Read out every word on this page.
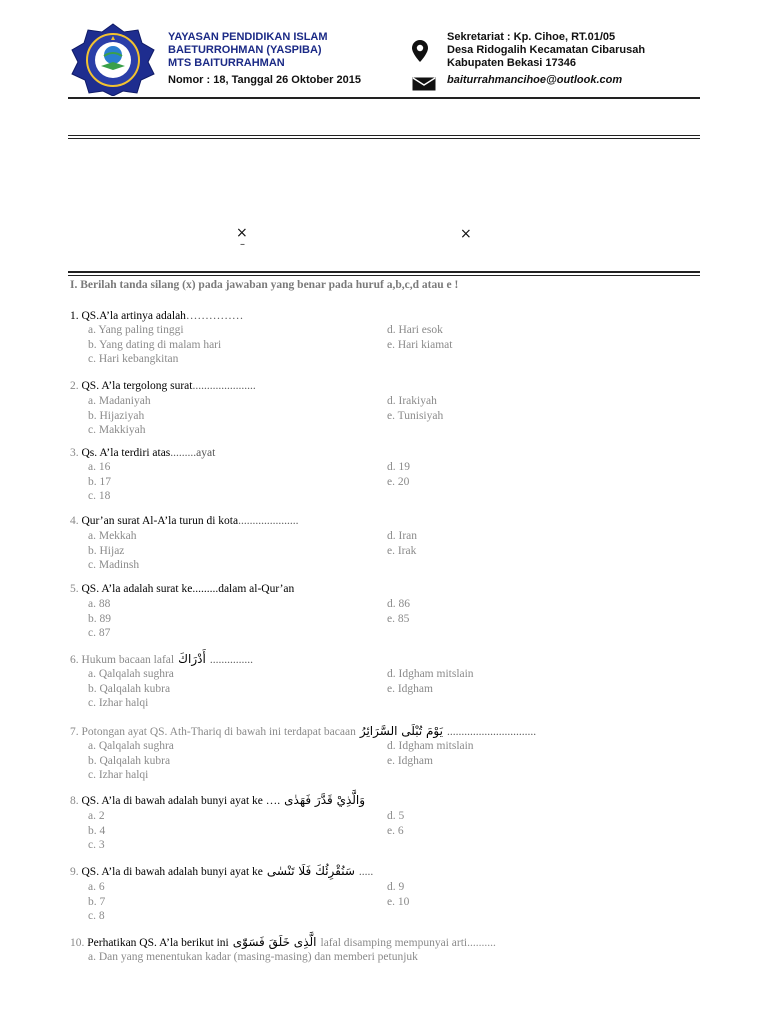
YAYASAN PENDIDIKAN ISLAM
BAETURROHMAN (YASPIBA)
MTS BAITURRAHMAN
Nomor : 18, Tanggal 26 Oktober 2015
Sekretariat : Kp. Cihoe, RT.01/05
Desa Ridogalih Kecamatan Cibarusah
Kabupaten Bekasi 17346
baiturrahmancihoe@outlook.com
×
–
×
I. Berilah tanda silang (x) pada jawaban yang benar pada huruf a,b,c,d atau e !
1. QS.A’la artinya adalah……………
a. Yang paling tinggi
b. Yang dating di malam hari
c. Hari kebangkitan
d. Hari esok
e. Hari kiamat
2. QS. A’la tergolong surat......................
a. Madaniyah
b. Hijaziyah
c. Makkiyah
d. Irakiyah
e. Tunisiyah
3. Qs. A’la terdiri atas.........ayat
a. 16
b. 17
c. 18
d. 19
e. 20
4. Qur’an surat Al-A’la turun di kota.....................
a. Mekkah
b. Hijaz
c. Madinsh
d. Iran
e. Irak
5. QS. A’la adalah surat ke.........dalam al-Qur’an
a. 88
b. 89
c. 87
d. 86
e. 85
6. Hukum bacaan lafal أَدْرَاكَ ...............
a. Qalqalah sughra
b. Qalqalah kubra
c. Izhar halqi
d. Idgham mitslain
e. Idgham
7. Potongan ayat QS. Ath-Thariq di bawah ini terdapat bacaan يَوْمَ تُبْلَى السَّرَائِرُ ...............................
a. Qalqalah sughra
b. Qalqalah kubra
c. Izhar halqi
d. Idgham mitslain
e. Idgham
8. QS. A’la di bawah adalah bunyi ayat ke …. وَالَّذِيْ قَدَّرَ فَهَدٰى
a. 2
b. 4
c. 3
d. 5
e. 6
9. QS. A’la di bawah adalah bunyi ayat ke سَنُقْرِئُكَ فَلَا تَنْسٰى .....
a. 6
b. 7
c. 8
d. 9
e. 10
10. Perhatikan QS. A’la berikut ini الَّذِى خَلَقَ فَسَوّٰى lafal disamping mempunyai arti..........
a. Dan yang menentukan kadar (masing-masing) dan memberi petunjuk
